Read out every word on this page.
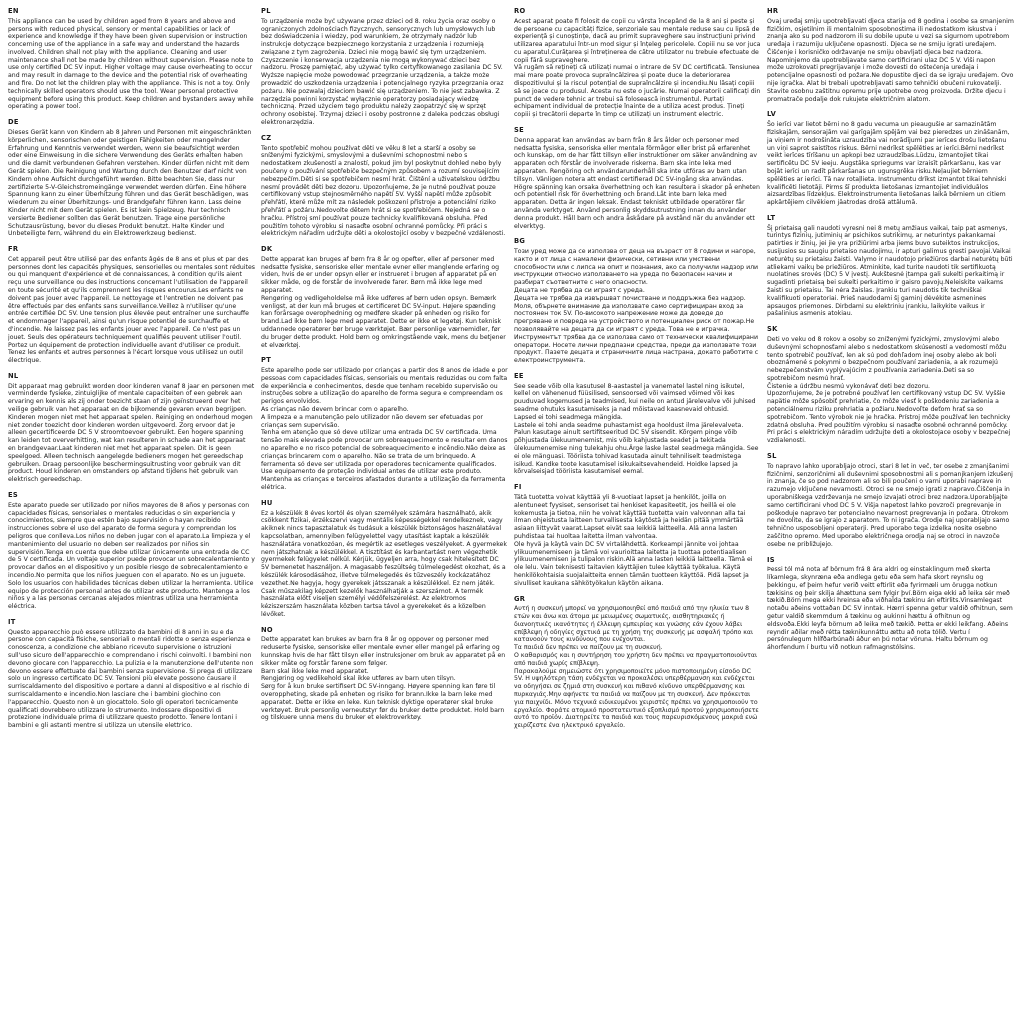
EN

This appliance can be used by children aged from 8 years and above and persons with reduced physical, sensory or mental capabilities or lack of experience and knowledge if they have been given supervision or instruction concerning use of the appliance in a safe way and understand the hazards involved. Children shall not play with the appliance. Cleaning and user maintenance shall not be made by children without supervision. Please note to use only certified DC 5V input. Higher voltage may cause overheating to occur and may result in damage to the device and the potential risk of overheating and fire. Do not let the children play with the appliance. This is not a toy. Only technically skilled operators should use the tool. Wear personal protective equipment before using this product. Keep children and bystanders away while operating a power tool.

DE

Dieses Gerät kann von Kindern ab 8 Jahren und Personen mit eingeschränkten körperlichen, sensorischen oder geistigen Fähigkeiten oder mangelnder Erfahrung und Kenntnis verwendet werden, wenn sie beaufsichtigt werden oder eine Einweisung in die sichere Verwendung des Geräts erhalten haben und die damit verbundenen Gefahren verstehen. Kinder dürfen nicht mit dem Gerät spielen. Die Reinigung und Wartung durch den Benutzer darf nicht von Kindern ohne Aufsicht durchgeführt werden. Bitte beachten Sie, dass nur zertifizierte 5-V-Gleichstromeingänge verwendet werden dürfen. Eine höhere Spannung kann zu einer Überhitzung führen und das Gerät beschädigen, was wiederum zu einer Überhitzungs- und Brandgefahr führen kann. Lass deine Kinder nicht mit dem Gerät spielen. Es ist kein Spielzeug. Nur technisch versierte Bediener sollten das Gerät benutzen. Trage eine persönliche Schutzausrüstung, bevor du dieses Produkt benutzt. Halte Kinder und Unbeteiligte fern, während du ein Elektrowerkzeug bedienst.

FR

Cet appareil peut être utilisé par des enfants âgés de 8 ans et plus et par des personnes dont les capacités physiques, sensorielles ou mentales sont réduites ou qui manquent d'expérience et de connaissances, à condition qu'ils aient reçu une surveillance ou des instructions concernant l'utilisation de l'appareil en toute sécurité et qu'ils comprennent les risques encourus.Les enfants ne doivent pas jouer avec l'appareil. Le nettoyage et l'entretien ne doivent pas être effectués par des enfants sans surveillance.Veillez à n'utiliser qu'une entrée certifiée DC 5V. Une tension plus élevée peut entraîner une surchauffe et endommager l'appareil, ainsi qu'un risque potentiel de surchauffe et d'incendie. Ne laissez pas les enfants jouer avec l'appareil. Ce n'est pas un jouet. Seuls des opérateurs techniquement qualifiés peuvent utiliser l'outil. Portez un équipement de protection individuelle avant d'utiliser ce produit. Tenez les enfants et autres personnes à l'écart lorsque vous utilisez un outil électrique.

NL

Dit apparaat mag gebruikt worden door kinderen vanaf 8 jaar en personen met verminderde fysieke, zintuiglijke of mentale capaciteiten of een gebrek aan ervaring en kennis als zij onder toezicht staan of zijn geïnstrueerd over het veilige gebruik van het apparaat en de bijkomende gevaren ervan begrijpen. Kinderen mogen niet met het apparaat spelen. Reiniging en onderhoud mogen niet zonder toezicht door kinderen worden uitgevoerd. Zorg ervoor dat je alleen gecertificeerde DC 5 V stroomtoevoer gebruikt. Een hogere spanning kan leiden tot oververhitting, wat kan resulteren in schade aan het apparaat en brandgevaar.Laat kinderen niet met het apparaat spelen. Dit is geen speelgoed. Alleen technisch aangelegde bedieners mogen het gereedschap gebruiken. Draag persoonlijke beschermingsuitrusting voor gebruik van dit product. Houd kinderen en omstanders op afstand tijdens het gebruik van elektrisch gereedschap.

ES

Este aparato puede ser utilizado por niños mayores de 8 años y personas con capacidades físicas, sensoriales o mentales reducidas o sin experiencia y conocimientos, siempre que estén bajo supervisión o hayan recibido instrucciones sobre el uso del aparato de forma segura y comprendan los peligros que conlleva.Los niños no deben jugar con el aparato.La limpieza y el mantenimiento del usuario no deben ser realizados por niños sin supervisión.Tenga en cuenta que debe utilizar únicamente una entrada de CC de 5 V certificada. Un voltaje superior puede provocar un sobrecalentamiento y provocar daños en el dispositivo y un posible riesgo de sobrecalentamiento e incendio.No permita que los niños jueguen con el aparato. No es un juguete. Solo los usuarios con habilidades técnicas deben utilizar la herramienta. Utilice equipo de protección personal antes de utilizar este producto. Mantenga a los niños y a las personas cercanas alejados mientras utiliza una herramienta eléctrica.

IT

Questo apparecchio può essere utilizzato da bambini di 8 anni in su e da persone con capacità fisiche, sensoriali o mentali ridotte o senza esperienza e conoscenza, a condizione che abbiano ricevuto supervisione o istruzioni sull'uso sicuro dell'apparecchio e comprendano i rischi coinvolti. I bambini non devono giocare con l'apparecchio. La pulizia e la manutenzione dell'utente non devono essere effettuate dai bambini senza supervisione. Si prega di utilizzare solo un ingresso certificato DC 5V. Tensioni più elevate possono causare il surriscaldamento del dispositivo e portare a danni al dispositivo e al rischio di surriscaldamento e incendio.Non lasciare che i bambini giochino con l'apparecchio. Questo non è un giocattolo. Solo gli operatori tecnicamente qualificati dovrebbero utilizzare lo strumento. Indossare dispositivi di protezione individuale prima di utilizzare questo prodotto. Tenere lontani i bambini e gli astanti mentre si utilizza un utensile elettrico.

PL

To urządzenie może być używane przez dzieci od 8. roku życia oraz osoby o ograniczonych zdolnościach fizycznych, sensorycznych lub umysłowych lub bez doświadczenia i wiedzy, pod warunkiem, że otrzymały nadzór lub instrukcje dotyczące bezpiecznego korzystania z urządzenia i rozumieją związane z tym zagrożenia. Dzieci nie mogą bawić się tym urządzeniem. Czyszczenie i konserwacja urządzenia nie mogą wykonywać dzieci bez nadzoru. Proszę pamiętać, aby używać tylko certyfikowanego zasilania DC 5V. Wyższe napięcie może powodować przegrzanie urządzenia, a także może prowadzić do uszkodzenia urządzenia i potencjalnego ryzyka przegrzania oraz pożaru. Nie pozwalaj dzieciom bawić się urządzeniem. To nie jest zabawka. Z narzędzia powinni korzystać wyłącznie operatorzy posiadający wiedzę techniczną. Przed użyciem tego produktu należy zaopatrzyć się w sprzęt ochrony osobistej. Trzymaj dzieci i osoby postronne z daleka podczas obsługi elektronarzędzia.

CZ

Tento spotřebič mohou používat děti ve věku 8 let a starší a osoby se sníženými fyzickými, smyslovými a duševními schopnostmi nebo s nedostatkem zkušeností a znalostí, pokud jim byl poskytnut dohled nebo byly poučeny o používání spotřebiče bezpečným způsobem a rozumí souvisejícím nebezpečím.Děti si se spotřebičem nesmí hrát. Čištění a uživatelskou údržbu nesmí provádět děti bez dozoru. Upozorňujeme, že je nutné používat pouze certifikovaný vstup stejnosměrného napětí 5V. Vyšší napětí může způsobit přehřátí, které může mít za následek poškození přístroje a potenciální riziko přehřátí a požáru.Nedovolte dětem hrát si se spotřebičem. Nejedná se o hračku. Přístroj smí používat pouze technicky kvalifikovaná obsluha. Před použitím tohoto výrobku si nasaďte osobní ochranné pomůcky. Při práci s elektrickým nářadím udržujte děti a okolostojící osoby v bezpečné vzdálenosti.

DK

Dette apparat kan bruges af børn fra 8 år og opefter, eller af personer med nedsatte fysiske, sensoriske eller mentale evner eller manglende erfaring og viden, hvis de er under opsyn eller er instrueret i brugen af apparatet på en sikker måde, og de forstår de involverede farer. Børn må ikke lege med apparatet.
Rengøring og vedligeholdelse må ikke udføres af børn uden opsyn. Bemærk venligst, at der kun må bruges et certificeret DC 5V-input. Højere spænding kan forårsage overophedning og medføre skader på enheden og risiko for brand.Lad ikke børn lege med apparatet. Dette er ikke et legetøj. Kun teknisk uddannede operatører bør bruge værktøjet. Bær personlige værnemidler, før du bruger dette produkt. Hold børn og omkringstående væk, mens du betjener et elværktøj.

PT

Este aparelho pode ser utilizado por crianças a partir dos 8 anos de idade e por pessoas com capacidades físicas, sensoriais ou mentais reduzidas ou com falta de experiência e conhecimentos, desde que tenham recebido supervisão ou instruções sobre a utilização do aparelho de forma segura e compreendam os perigos envolvidos.
As crianças não devem brincar com o aparelho.
A limpeza e a manutenção pelo utilizador não devem ser efetuadas por crianças sem supervisão.
Tenha em atenção que só deve utilizar uma entrada DC 5V certificada. Uma tensão mais elevada pode provocar um sobreaquecimento e resultar em danos no aparelho e no risco potencial de sobreaquecimento e incêndio.Não deixe as crianças brincarem com o aparelho. Não se trata de um brinquedo. A ferramenta só deve ser utilizada por operadores tecnicamente qualificados. Use equipamento de proteção individual antes de utilizar este produto. Mantenha as crianças e terceiros afastados durante a utilização da ferramenta elétrica.

HU

Ez a készülék 8 éves kortól és olyan személyek számára használható, akik csökkent fizikai, érzékszervi vagy mentális képességekkel rendelkeznek, vagy akiknek nincs tapasztalatuk és tudásuk a készülék biztonságos használatával kapcsolatban, amennyiben felügyelettel vagy utasítást kaptak a készülék használatára vonatkozóan, és megértik az esetleges veszélyeket. A gyermekek nem játszhatnak a készülékkel. A tisztítást és karbantartást nem végezhetik gyermekek felügyelet nélkül. Kérjük, ügyeljen arra, hogy csak hitelesített DC 5V bemenetet használjon. A magasabb feszültség túlmelegedést okozhat, és a készülék károsodásához, illetve túlmelegedés és tűzveszély kockázatához vezethet.Ne hagyja, hogy gyerekek játsszanak a készülékkel. Ez nem játék. Csak műszakilag képzett kezelők használhatják a szerszámot. A termék használata előtt viseljen személyi védőfelszerelést. Az elektromos kéziszerszám használata közben tartsa távol a gyerekeket és a közelben lévőket.

NO

Dette apparatet kan brukes av barn fra 8 år og oppover og personer med reduserte fysiske, sensoriske eller mentale evner eller mangel på erfaring og kunnskap hvis de har fått tilsyn eller instruksjoner om bruk av apparatet på en sikker måte og forstår farene som følger.
Barn skal ikke leke med apparatet.
Rengjøring og vedlikehold skal ikke utføres av barn uten tilsyn.
Sørg for å kun bruke sertifisert DC 5V-inngang. Høyere spenning kan føre til overoppheting, skade på enheten og risiko for brann.Ikke la barn leke med apparatet. Dette er ikke en leke. Kun teknisk dyktige operatører skal bruke verktøyet. Bruk personlig verneutstyr før du bruker dette produktet. Hold barn og tilskuere unna mens du bruker et elektroverktøy.

RO

Acest aparat poate fi folosit de copii cu vârsta începând de la 8 ani și peste și de persoane cu capacități fizice, senzoriale sau mentale reduse sau cu lipsă de experiență și cunoștințe, dacă au primit supraveghere sau instrucțiuni privind utilizarea aparatului într-un mod sigur și înțeleg pericolele. Copiii nu se vor juca cu aparatul.Curățarea și întreținerea de către utilizator nu trebuie efectuate de copii fără supraveghere.
Vă rugăm să rețineți că utilizați numai o intrare de 5V DC certificată. Tensiunea mai mare poate provoca supraîncălzirea și poate duce la deteriorarea dispozitivului și la riscul potențial de supraîncălzire și incendiu.Nu lăsați copiii să se joace cu produsul. Acesta nu este o jucărie. Numai operatorii calificați din punct de vedere tehnic ar trebui să folosească instrumentul. Purtați echipament individual de protecție înainte de a utiliza acest produs. Țineți copiii și trecătorii departe în timp ce utilizați un instrument electric.

SE

Denna apparat kan användas av barn från 8 års ålder och personer med nedsatta fysiska, sensoriska eller mentala förmågor eller brist på erfarenhet och kunskap, om de har fått tillsyn eller instruktioner om säker användning av apparaten och förstår de involverade riskerna. Barn ska inte leka med apparaten. Rengöring och användarunderhåll ska inte utföras av barn utan tillsyn. Vänligen notera att endast certifierad DC 5V-ingång ska användas. Högre spänning kan orsaka överhettning och kan resultera i skador på enheten och potentiell risk för överhettning och brand.Låt inte barn leka med apparaten. Detta är ingen leksak. Endast tekniskt utbildade operatörer får använda verktyget. Använd personlig skyddsutrustning innan du använder denna produkt. Håll barn och andra åskådare på avstånd när du använder ett elverktyg.

BG

Този уред може да се използва от деца на възраст от 8 години и нагоре, както и от лица с намалени физически, сетивни или умствени способности или с липса на опит и познания, ако са получили надзор или инструкции относно използването на уреда по безопасен начин и разбират съответните с него опасности.
Децата не трябва да си играят с уреда.
Децата не трябва да извършват почистване и поддръжка без надзор.
Моля, обърнете внимание да използвате само сертифициран вход за постоянен ток 5V. По-високото напрежение може да доведе до прегряване и повреда на устройството и потенциален риск от пожар.Не позволявайте на децата да си играят с уреда. Това не е играчка. Инструментът трябва да се използва само от технически квалифицирани оператори. Носете лични предпазни средства, преди да използвате този продукт. Пазете децата и страничните лица настрана, докато работите с електроинструмента.

EE

See seade võib olla kasutusel 8-aastastel ja vanematel lastel ning isikutel, kellel on vähenenud füüsilised, sensoorsed või vaimsed võimed või kes puuduvad kogemused ja teadmised, kui neile on antud järelevalve või juhised seadme ohutuks kasutamiseks ja nad mõistavad kaasnevaid ohtusid.
Lapsed ei tohi seadmega mängida.
Lastele ei tohi anda seadme puhastamist ega hooldust ilma järelevalveta.
Palun kasutage ainult sertifitseeritud DC 5V sisendit. Kõrgem pinge võib põhjustada ülekuumenemist, mis võib kahjustada seadet ja tekitada ülekuumenemise ning tulekahju ohu.Ärge laske lastel seadmega mängida. See ei ole mänguasi. Tööriista tohivad kasutada ainult tehniliselt teadmistega isikud. Kandke toote kasutamisel isikukaitsevahendeid. Hoidke lapsed ja kõrvalseisjad tööriista kasutamisel eemal.

FI

Tätä tuotetta voivat käyttää yli 8-vuotiaat lapset ja henkilöt, joilla on alentuneet fyysiset, sensoriset tai henkiset kapasiteetit, jos heillä ei ole kokemusta ja tietoa, niin he voivat käyttää tuotetta vain valvonnan alla tai ilman ohjeistusta laitteen turvallisesta käytöstä ja heidän pitää ymmärtää asiaan liittyvät vaarat.Lapset eivät saa leikkiä laitteella. Alä anna lasten puhdistaa tai huoltaa laitetta ilman valvontaa.
Ole hyvä ja käytä vain DC 5V virtalähdettä. Korkeampi jännite voi johtaa ylikuumenemiseen ja tämä voi vaurioittaa laitetta ja tuottaa potentiaalisen ylikuumenemisen ja tulipalon riskin.Alä anna lasten leikkiä laitteella. Tämä ei ole lelu. Vain teknisesti taitavien käyttäjien tulee käyttää työkalua. Käytä henkilökohtaisia suojalaitteita ennen tämän tuotteen käyttöä. Pidä lapset ja sivulliset kaukana sähkötyökalun käytön aikana.

GR

Αυτή η συσκευή μπορεί να χρησιμοποιηθεί από παιδιά από την ηλικία των 8 ετών και άνω και άτομα με μειωμένες σωματικές, αισθητηριακές ή διανοητικές ικανότητες ή έλλειψη εμπειρίας και γνώσης εάν έχουν λάβει επίβλεψη ή οδηγίες σχετικά με τη χρήση της συσκευής με ασφαλή τρόπο και κατανοούν τους κινδύνους που ενέχονται.
Τα παιδιά δεν πρέπει να παίζουν με τη συσκευή.
Ο καθαρισμός και η συντήρηση του χρήστη δεν πρέπει να πραγματοποιούνται από παιδιά χωρίς επίβλεψη.
Παρακαλούμε σημειώστε ότι χρησιμοποιείτε μόνο πιστοποιημένη είσοδο DC 5V. Η υψηλότερη τάση ενδέχεται να προκαλέσει υπερθέρμανση και ενδέχεται να οδηγήσει σε ζημιά στη συσκευή και πιθανό κίνδυνο υπερθέρμανσης και πυρκαγιάς.Μην αφήνετε τα παιδιά να παίζουν με τη συσκευή. Δεν πρόκειται για παιχνίδι. Μόνο τεχνικά ειδικευμένοι χειριστές πρέπει να χρησιμοποιούν το εργαλείο. Φοράτε ατομικό προστατευτικό εξοπλισμό προτού χρησιμοποιήσετε αυτό το προϊόν. Διατηρείτε τα παιδιά και τους παρευρισκόμενους μακριά ενώ χειρίζεστε ένα ηλεκτρικό εργαλείο.

HR

Ovaj uređaj smiju upotrebljavati djeca starija od 8 godina i osobe sa smanjenim fizičkim, osjetilnim ili mentalnim sposobnostima ili nedostatkom iskustva i znanja ako su pod nadzorom ili su dobile upute u vezi sa sigurnom upotrebom uređaja i razumiju uključene opasnosti. Djeca se ne smiju igrati uređajem.
Čišćenje i korisničko održavanje ne smiju obavljati djeca bez nadzora.
Napominjemo da upotrebljavate samo certificirani ulaz DC 5 V. Viši napon može uzrokovati pregrijavanje i može dovesti do oštećenja uređaja i potencijalne opasnosti od požara.Ne dopustite djeci da se igraju uređajem. Ovo nije igračka. Alat bi trebali upotrebljavati samo tehnički obučeni rukovatelji. Stavite osobnu zaštitnu opremu prije upotrebe ovog proizvoda. Držite djecu i promatrače podalje dok rukujete električnim alatom.

LV

Šo ierīci var lietot bērni no 8 gadu vecuma un pieaugušie ar samazinātām fiziskajām, sensorajām vai garīgajām spējām vai bez pieredzes un zināšanām, ja viņiem ir nodrošināta uzraudzība vai norādījumi par ierīces drošu lietošanu un viņi saprot saistītos riskus. Bērni nedrīkst spēlēties ar ierīci.Bērni nedrīkst veikt ierīces tīrīšanu un apkopi bez uzraudzības.Lūdzu, izmantojiet tikai sertificētu DC 5V ieeju. Augstāka spriegums var izraisīt pārkaršanu, kas var bojāt ierīci un radīt pārkaršanas un ugunsgrēka risku.Neļaujiet bērniem spēlēties ar ierīci. Tā nav rotaļlieta. Instrumentu drīkst izmantot tikai tehniski kvalificēti lietotāji. Pirms šī produkta lietošanas izmantojiet individuālos aizsardzības līdzekļus. Elektroinstrumenta lietošanas laikā bērniem un citiem apkārtējiem cilvēkiem jāatrodas drošā attālumā.

LT

Šį prietaisą gali naudoti vyresni nei 8 metų amžiaus vaikai, taip pat asmenys, turintys fizinių, jutiminių ar psichikos sutrikimų, ar neturintys pakankamai patirties ir žinių, jei jie yra prižiūrimi arba jiems buvo suteiktos instrukcijos, susijusios su saugiu prietaiso naudojimu, ir apturi galimus gresti pavojai.Vaikai neturėtų su prietaisu žaisti. Valymo ir naudotojo priežiūros darbai neturėtų būti atliekami vaikų be priežiūros. Atminkite, kad turite naudoti tik sertifikuotą nuolatines srovės (DC) 5 V įvestį. Aukštesnė įtampa gali sukelti perkaitimą ir sugadinti prietaisą bei sukelti perkaitimo ir gaisro pavojų.Neleiskite vaikams žaisti su prietaisu. Tai nėra žaislas. Įrankiu turi naudotis tik techniškai kvalifikuoti operatoriai. Prieš naudodami šį gaminį dėvėkite asmenines apsaugos priemones. Dirbdami su elektriniu įrankiu, laikykite vaikus ir pašalinius asmenis atokiau.

SK

Deti vo veku od 8 rokov a osoby so zníženými fyzickými, zmyslovými alebo duševnými schopnosťami alebo s nedostatkom skúseností a vedomostí môžu tento spotrebič používať, len ak sú pod dohľadom inej osoby alebo ak boli oboznámené s pokynmi o bezpečnom používaní zariadenia, a ak rozumejú nebezpečenstvám vyplývajúcim z používania zariadenia.Deti sa so spotrebičom nesmú hrať.
Čistenie a údržbu nesmú vykonávať deti bez dozoru.
Upozorňujeme, že je potrebné používať len certifikovaný vstup DC 5V. Vyššie napätie môže spôsobiť prehriatie, čo môže viesť k poškodeniu zariadenia a potenciálnemu riziku prehriatia a požiaru.Nedovoľte deťom hrať sa so spotrebičom. Tento výrobok nie je hračka. Prístroj môže používať len technicky zdatná obsluha. Pred použitím výrobku si nasaďte osobné ochranné pomôcky. Pri práci s elektrickým náradím udržujte deti a okolostojace osoby v bezpečnej vzdialenosti.

SL

To napravo lahko uporabljajo otroci, stari 8 let in več, ter osebe z zmanjšanimi fizičnimi, senzoričnimi ali duševnimi sposobnostmi ali s pomanjkanjem izkušenj in znanja, če so pod nadzorom ali so bili poučeni o varni uporabi naprave in razumejo vključene nevarnosti. Otroci se ne smejo igrati z napravo.Čiščenja in uporabniškega vzdrževanja ne smejo izvajati otroci brez nadzora.Uporabljajte samo certificirani vhod DC 5 V. Višja napetost lahko povzroči pregrevanje in poškoduje napravo ter potencialno nevarnost pregrevanja in požara. Otrokom ne dovolite, da se igrajo z aparatom. To ni igrača. Orodje naj uporabljajo samo tehnično usposobljeni operaterji. Pred uporabo tega izdelka nosite osebno zaščitno opremo. Med uporabo električnega orodja naj se otroci in navzoče osebe ne približujejo.

IS

Þessi tól má nota af börnum frá 8 ára aldri og einstaklingum með skerta líkamlega, skynræna eða andlega getu eða sem hafa skort reynslu og þekkingu, ef þeim hefur verið veitt eftirlit eða fyrirmæli um örugga notkun tækisins og þeir skilja áhættuna sem fylgir því.Börn eiga ekki að leika sér með tækið.Börn mega ekki hreinsa eða viðhalda tækinu án eftirlits.Vinsamlegast notaðu aðeins vottaðan DC 5V inntak. Hærri spenna getur valdið ofhitnun, sem getur valdið skemmdum á tækinu og aukinni hættu á ofhitnun og eldsvoða.Ekki leyfa börnum að leika með tækið. Þetta er ekki leikfang. Aðeins reyndir aðilar með rétta tæknikunnáttu ættu að nota tólið. Vertu í persónulegum hlífðarbúnaði áður en þú notar vöruna. Haltu börnum og áhorfendum í burtu við notkun rafmagnstólsins.
